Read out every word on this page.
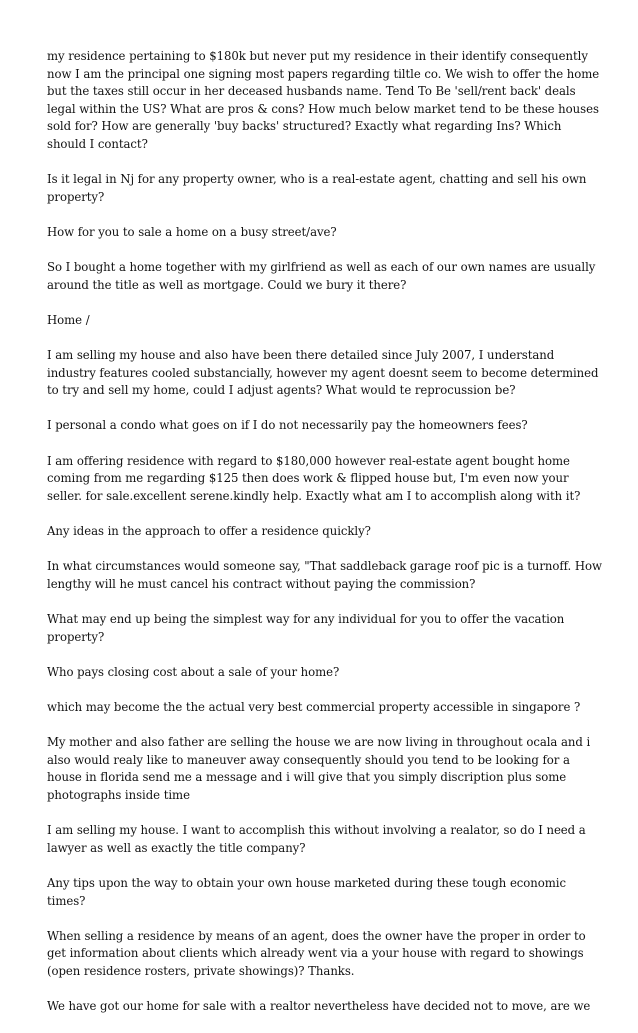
my residence pertaining to $180k but never put my residence in their identify consequently now I am the principal one signing most papers regarding tiltle co. We wish to offer the home but the taxes still occur in her deceased husbands name. Tend To Be 'sell/rent back' deals legal within the US? What are pros & cons? How much below market tend to be these houses sold for? How are generally 'buy backs' structured? Exactly what regarding Ins? Which should I contact?

Is it legal in Nj for any property owner, who is a real-estate agent, chatting and sell his own property?

How for you to sale a home on a busy street/ave?

So I bought a home together with my girlfriend as well as each of our own names are usually around the title as well as mortgage. Could we bury it there?

Home /

I am selling my house and also have been there detailed since July 2007, I understand industry features cooled substancially, however my agent doesnt seem to become determined to try and sell my home, could I adjust agents? What would te reprocussion be?

I personal a condo what goes on if I do not necessarily pay the homeowners fees?

I am offering residence with regard to $180,000 however real-estate agent bought home coming from me regarding $125 then does work & flipped house but, I'm even now your seller. for sale.excellent serene.kindly help. Exactly what am I to accomplish along with it?

Any ideas in the approach to offer a residence quickly?

In what circumstances would someone say, "That saddleback garage roof pic is a turnoff. How lengthy will he must cancel his contract without paying the commission?

What may end up being the simplest way for any individual for you to offer the vacation property?

Who pays closing cost about a sale of your home?

which may become the the actual very best commercial property accessible in singapore ?

My mother and also father are selling the house we are now living in throughout ocala and i also would realy like to maneuver away consequently should you tend to be looking for a house in florida send me a message and i will give that you simply discription plus some photographs inside time

I am selling my house. I want to accomplish this without involving a realator, so do I need a lawyer as well as exactly the title company?

Any tips upon the way to obtain your own house marketed during these tough economic times?

When selling a residence by means of an agent, does the owner have the proper in order to get information about clients which already went via a your house with regard to showings (open residence rosters, private showings)? Thanks.

We have got our home for sale with a realtor nevertheless have decided not to move, are we
